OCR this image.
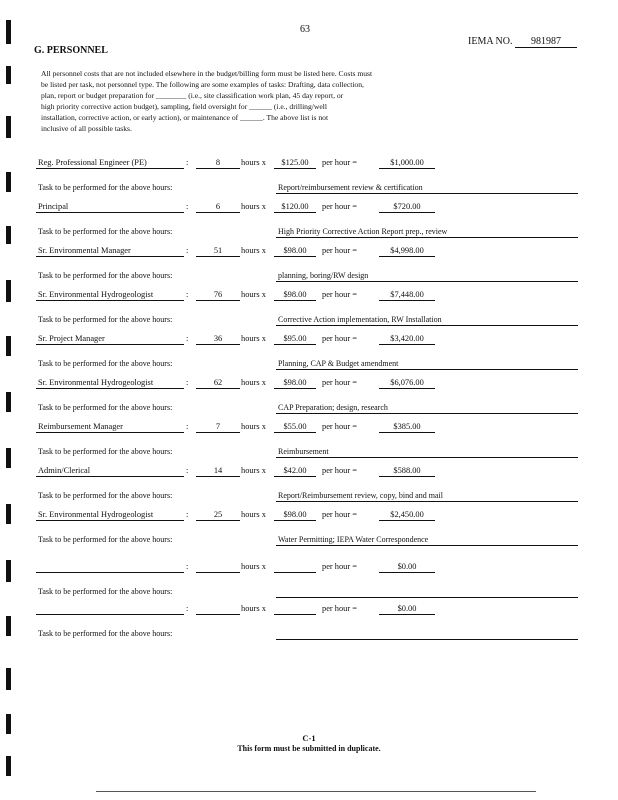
63
G. PERSONNEL
IEMA NO. 981987
All personnel costs that are not included elsewhere in the budget/billing form must be listed here. Costs must
be listed per task, not personnel type. The following are some examples of tasks: Drafting, data collection,
plan, report or budget preparation for ________ (i.e., site classification work plan, 45 day report, or
high priority corrective action budget), sampling, field oversight for ______ (i.e., drilling/well
installation, corrective action, or early action), or maintenance of ______. The above list is not
inclusive of all possible tasks.
Reg. Professional Engineer (PE)	:	8	hours x	$125.00	per hour =	$1,000.00
Task to be performed for the above hours:	Report/reimbursement review & certification
Principal	:	6	hours x	$120.00	per hour =	$720.00
Task to be performed for the above hours:	High Priority Corrective Action Report prep., review
Sr. Environmental Manager	:	51	hours x	$98.00	per hour =	$4,998.00
Task to be performed for the above hours:	planning, boring/RW design
Sr. Environmental Hydrogeologist	:	76	hours x	$98.00	per hour =	$7,448.00
Task to be performed for the above hours:	Corrective Action implementation, RW Installation
Sr. Project Manager	:	36	hours x	$95.00	per hour =	$3,420.00
Task to be performed for the above hours:	Planning, CAP & Budget amendment
Sr. Environmental Hydrogeologist	:	62	hours x	$98.00	per hour =	$6,076.00
Task to be performed for the above hours:	CAP Preparation; design, research
Reimbursement Manager	:	7	hours x	$55.00	per hour =	$385.00
Task to be performed for the above hours:	Reimbursement
Admin/Clerical	:	14	hours x	$42.00	per hour =	$588.00
Task to be performed for the above hours:	Report/Reimbursement review, copy, bind and mail
Sr. Environmental Hydrogeologist	:	25	hours x	$98.00	per hour =	$2,450.00
Task to be performed for the above hours:	Water Permitting; IEPA Water Correspondence
:	hours x	per hour =	$0.00
Task to be performed for the above hours:
:	hours x	per hour =	$0.00
Task to be performed for the above hours:
C-1
This form must be submitted in duplicate.
